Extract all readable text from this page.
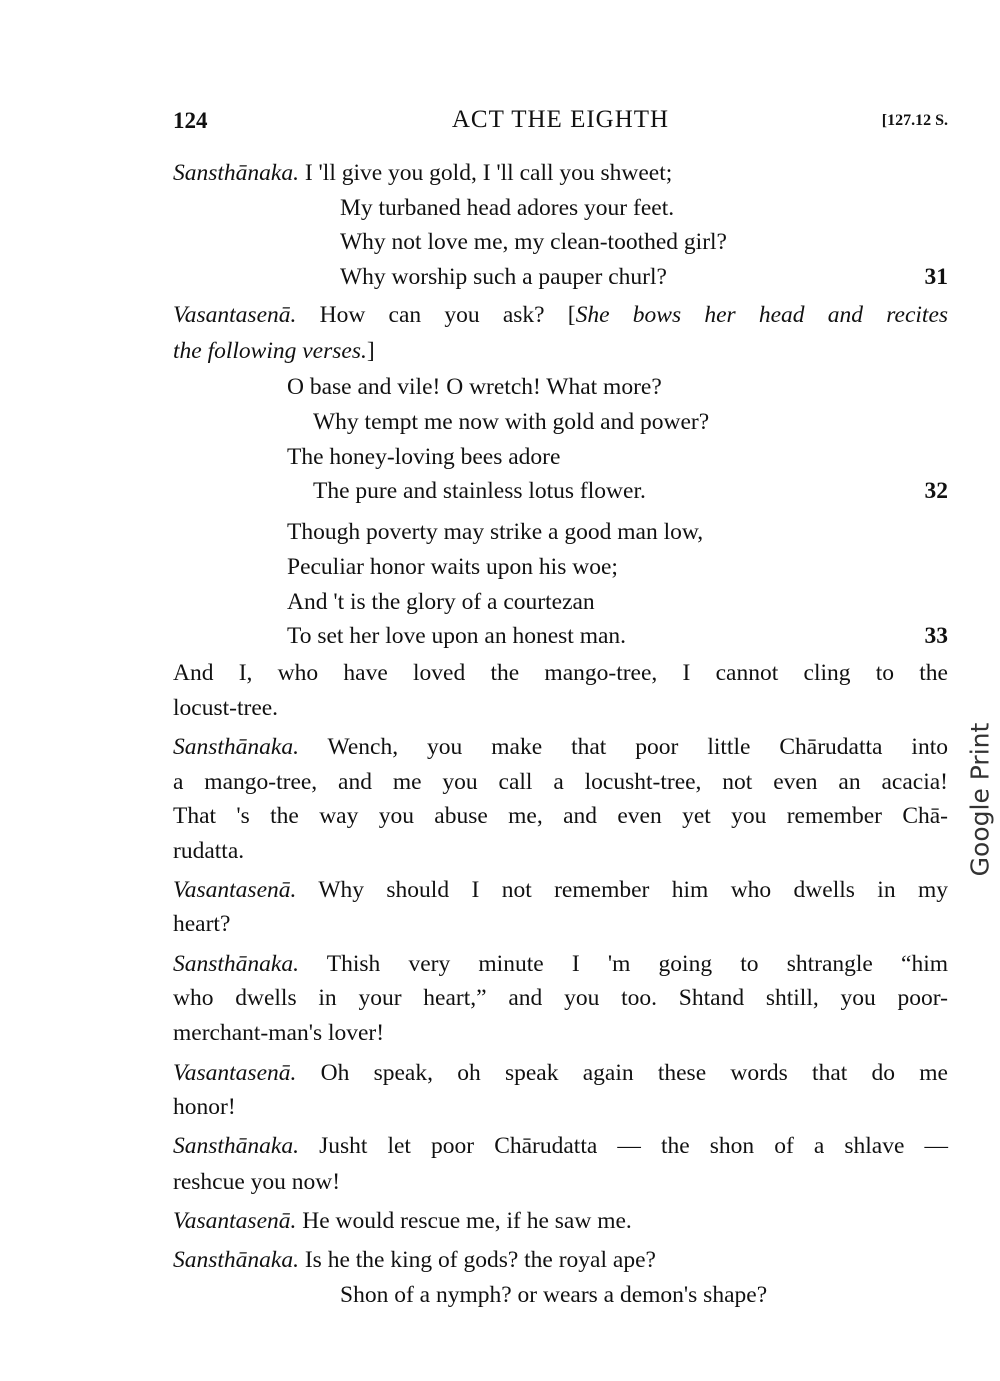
124	ACT THE EIGHTH	[127.12 S.
Sansthānaka. I 'll give you gold, I 'll call you shweet;
My turbaned head adores your feet.
Why not love me, my clean-toothed girl?
Why worship such a pauper churl?	31
Vasantasenā. How can you ask? [She bows her head and recites
the following verses.]
O base and vile! O wretch! What more?
Why tempt me now with gold and power?
The honey-loving bees adore
The pure and stainless lotus flower.	32
Though poverty may strike a good man low,
Peculiar honor waits upon his woe;
And 't is the glory of a courtezan
To set her love upon an honest man.	33
And I, who have loved the mango-tree, I cannot cling to the
locust-tree.
Sansthānaka. Wench, you make that poor little Chārudatta into
a mango-tree, and me you call a locusht-tree, not even an acacia!
That 's the way you abuse me, and even yet you remember Chā-
rudatta.
Vasantasenā. Why should I not remember him who dwells in my
heart?
Sansthānaka. Thish very minute I 'm going to shtrangle “him
who dwells in your heart,” and you too. Shtand shtill, you poor-
merchant-man's lover!
Vasantasenā. Oh speak, oh speak again these words that do me
honor!
Sansthānaka. Jusht let poor Chārudatta — the shon of a shlave —
reshcue you now!
Vasantasenā. He would rescue me, if he saw me.
Sansthānaka. Is he the king of gods? the royal ape?
Shon of a nymph? or wears a demon's shape?
Google Print
